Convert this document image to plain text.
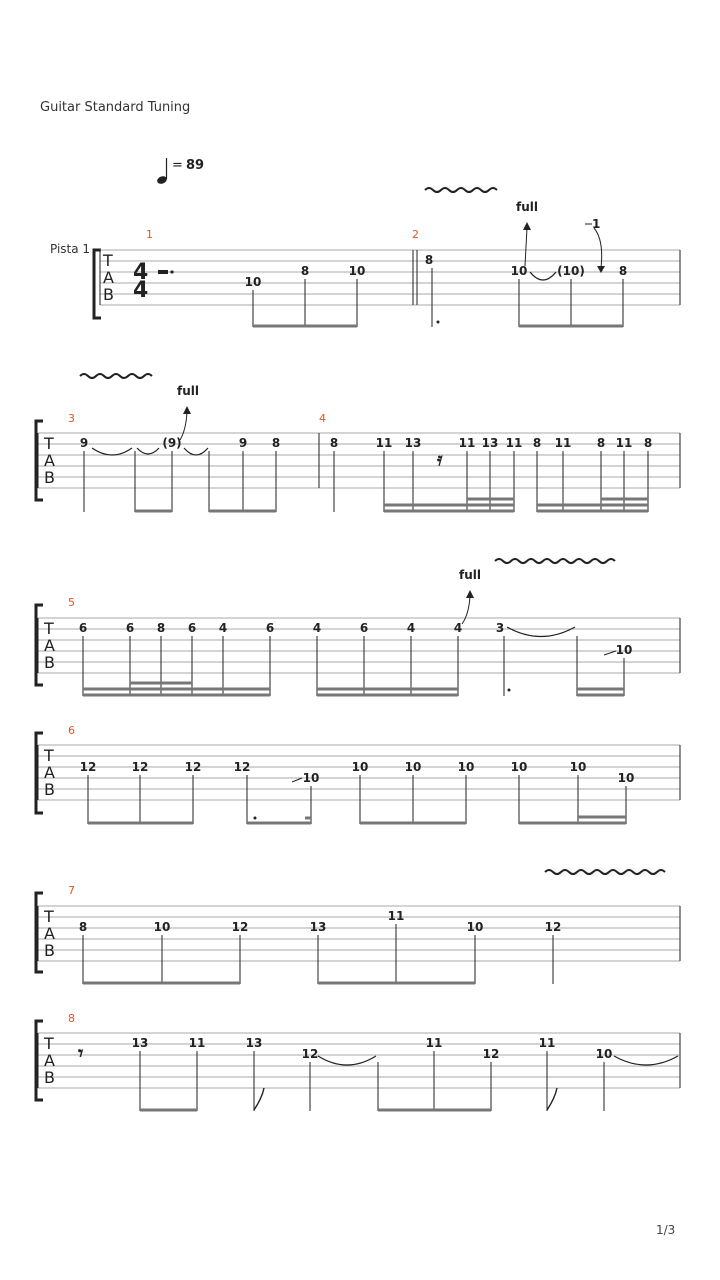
Guitar Standard Tuning
= 89
Pista 1
T
A
B
4
4
1	2
10
8	10
8
10 (10)	8
full
1
T
A
B
3	4
full
9	(9)	9 8	8	11 13
𝄿
11 13 11 8 11 8 11 8
T
A
B
5
full
6	6 8 6 4	6	4	6	4	4	3
10
T
A
B
6
12	12	12	12
10
10	10	10	10	10
10
T
A
B
7
8	10	12	13
11
10	12
T
A
B
8
𝄾	13	11	13
12
11
12
11
10
1/3
